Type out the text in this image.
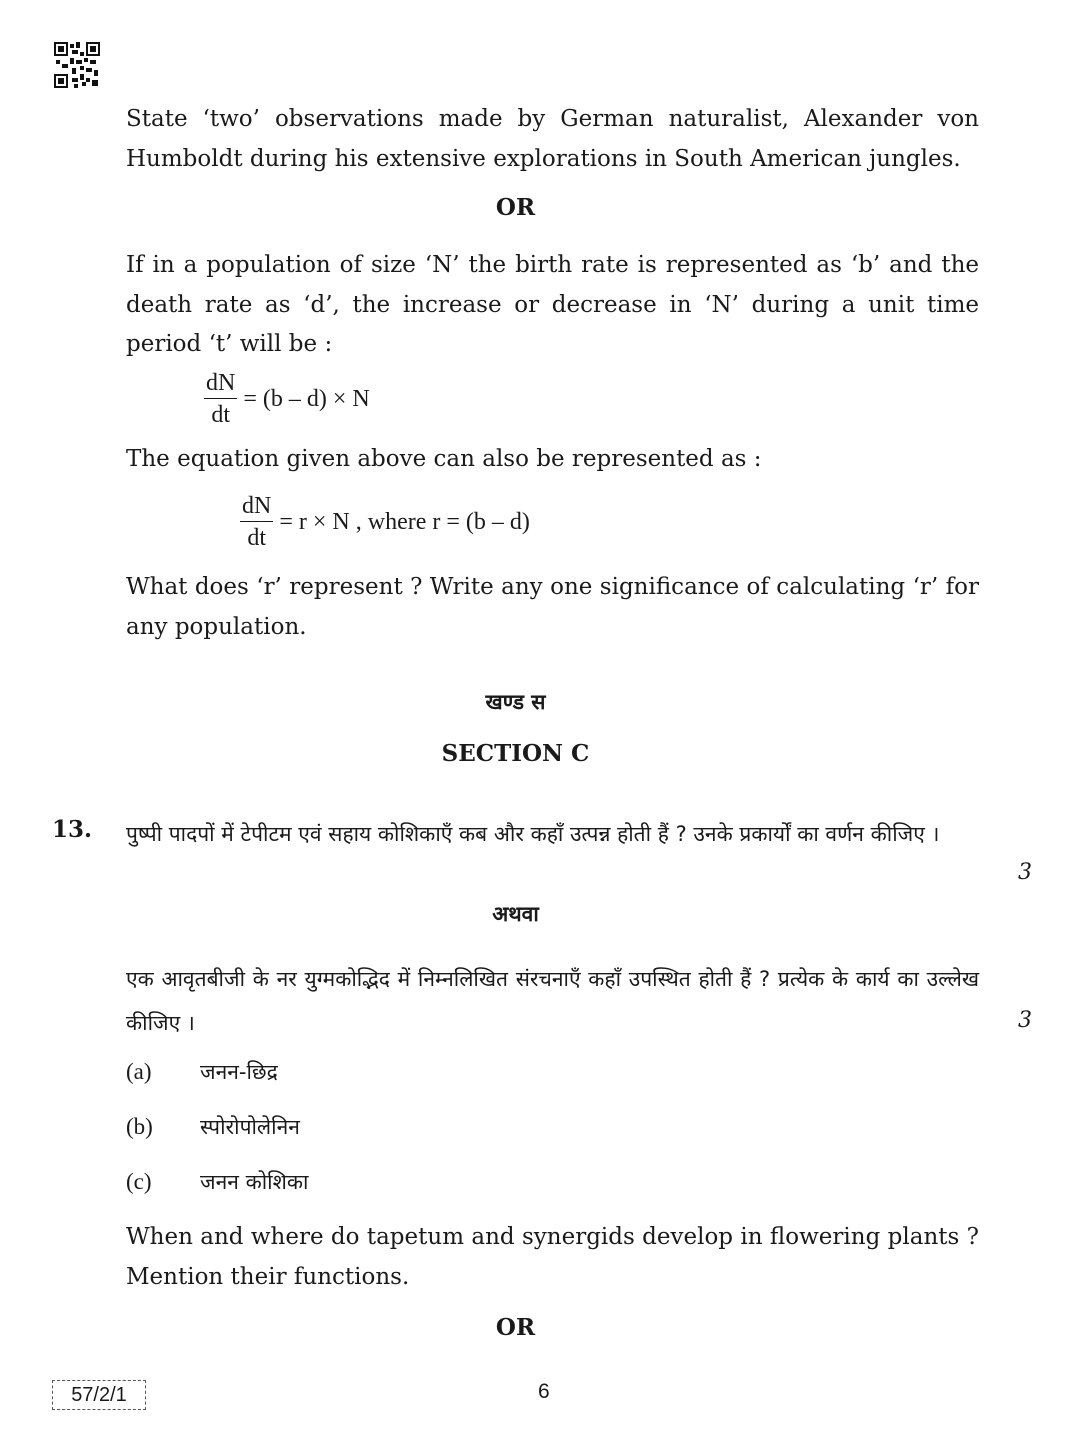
State ‘two’ observations made by German naturalist, Alexander von Humboldt during his extensive explorations in South American jungles.
OR
If in a population of size ‘N’ the birth rate is represented as ‘b’ and the death rate as ‘d’, the increase or decrease in ‘N’ during a unit time period ‘t’ will be :
$\frac{dN}{dt} = (b - d) \times N$
The equation given above can also be represented as :
$\frac{dN}{dt} = r \times N$ , where r = (b – d)
What does ‘r’ represent ? Write any one significance of calculating ‘r’ for any population.
खण्ड स
SECTION C
13. पुष्पी पादपों में टेपीटम एवं सहाय कोशिकाएँ कब और कहाँ उत्पन्न होती हैं ? उनके प्रकार्यों का वर्णन कीजिए ।
3
अथवा
एक आवृतबीजी के नर युग्मकोद्भिद में निम्नलिखित संरचनाएँ कहाँ उपस्थित होती हैं ? प्रत्येक के कार्य का उल्लेख कीजिए ।	3
(a)	जनन-छिद्र
(b)	स्पोरोपोलेनिन
(c)	जनन कोशिका
When and where do tapetum and synergids develop in flowering plants ? Mention their functions.
OR
57/2/1	6
